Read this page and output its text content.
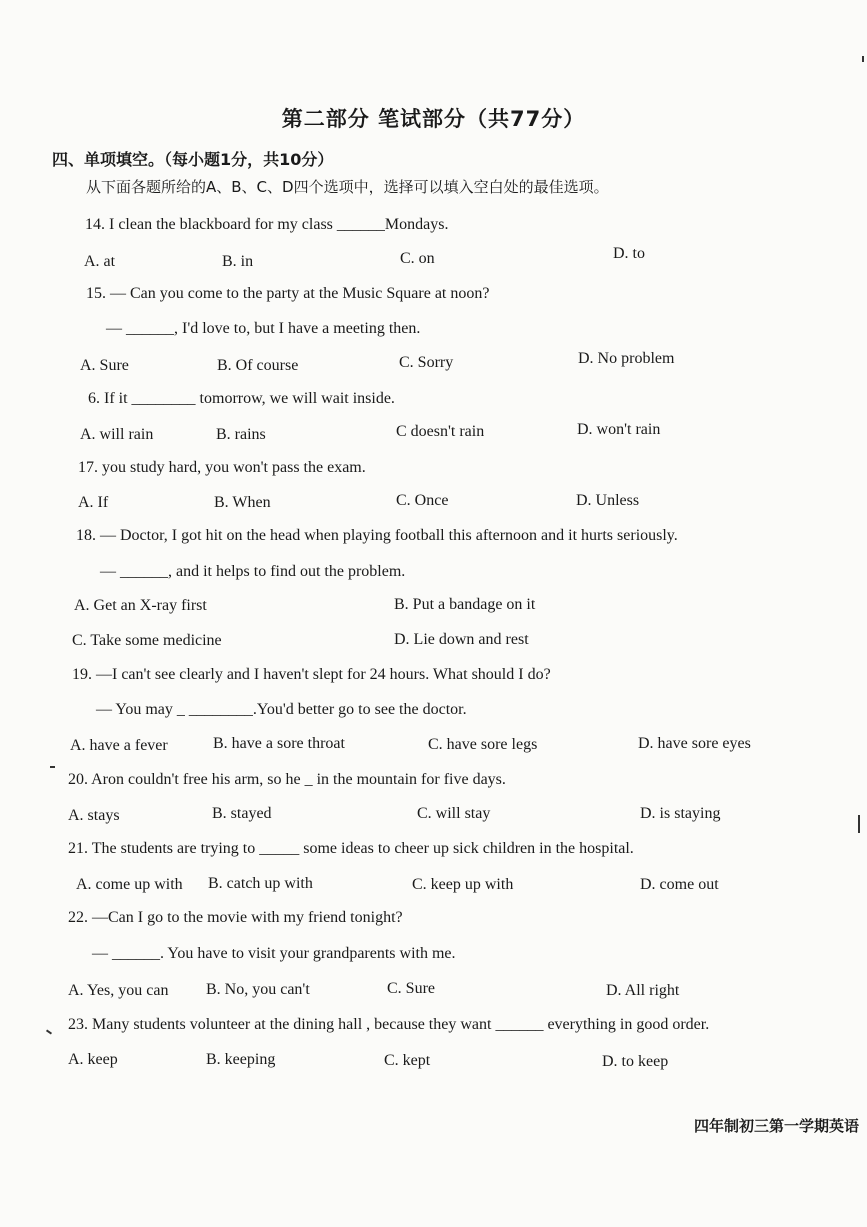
第二部分 笔试部分（共77分）
四、单项填空。（每小题1分，共10分）
从下面各题所给的A、B、C、D四个选项中，选择可以填入空白处的最佳选项。
14. I clean the blackboard for my class ______Mondays.
A. at	B. in	C. on	D. to
15. — Can you come to the party at the Music Square at noon?
— ______, I'd love to, but I have a meeting then.
A. Sure	B. Of course	C. Sorry	D. No problem
6. If it ________ tomorrow, we will wait inside.
A. will rain	B. rains	C doesn't rain	D. won't rain
17. you study hard, you won't pass the exam.
A. If	B. When	C. Once	D. Unless
18. — Doctor, I got hit on the head when playing football this afternoon and it hurts seriously.
— ______, and it helps to find out the problem.
A. Get an X-ray first	B. Put a bandage on it
C. Take some medicine	D. Lie down and rest
19. —I can't see clearly and I haven't slept for 24 hours. What should I do?
— You may _ ________.You'd better go to see the doctor.
A. have a fever	B. have a sore throat	C. have sore legs	D. have sore eyes
20. Aron couldn't free his arm, so he _ in the mountain for five days.
A. stays	B. stayed	C. will stay	D. is staying
21. The students are trying to _____ some ideas to cheer up sick children in the hospital.
A. come up with B. catch up with	C. keep up with	D. come out
22. —Can I go to the movie with my friend tonight?
— ______. You have to visit your grandparents with me.
A. Yes, you can B. No, you can't	C. Sure	D. All right
23. Many students volunteer at the dining hall , because they want ______ everything in good order.
A. keep	B. keeping	C. kept	D. to keep
四年制初三第一学期英语
